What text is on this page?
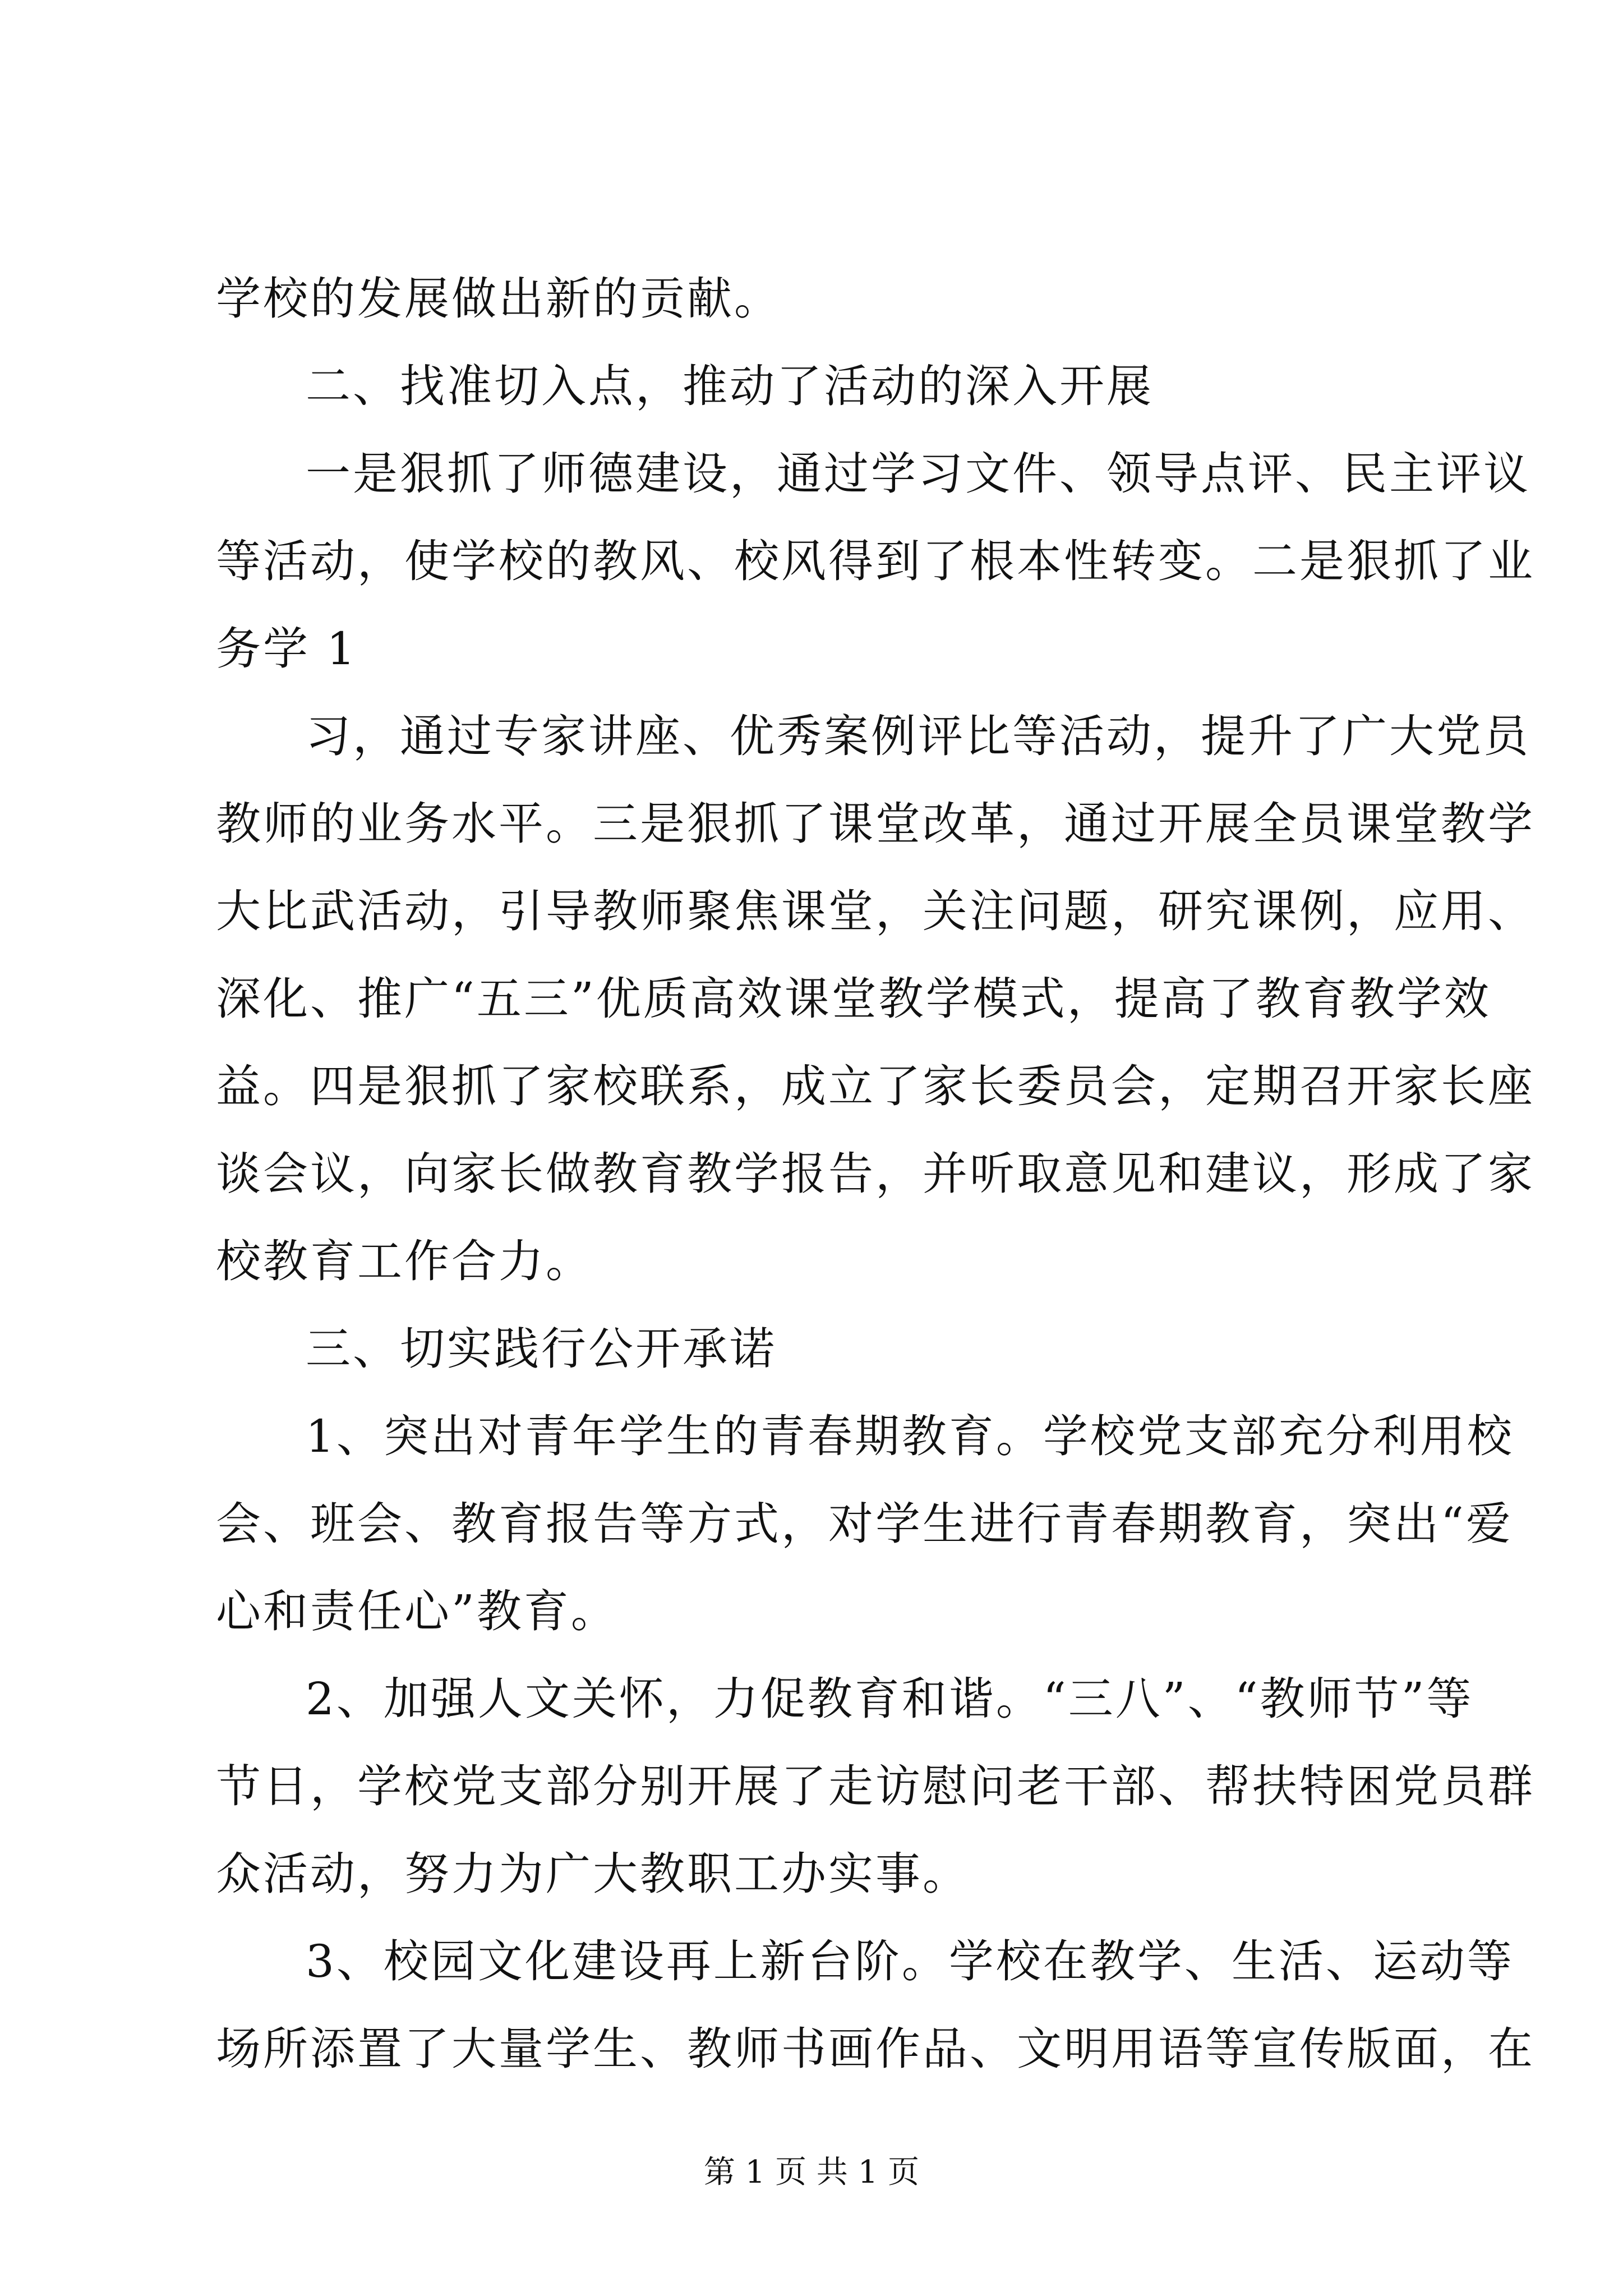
学校的发展做出新的贡献。
二、找准切入点，推动了活动的深入开展
一是狠抓了师德建设，通过学习文件、领导点评、民主评议
等活动，使学校的教风、校风得到了根本性转变。二是狠抓了业
务学 1
习，通过专家讲座、优秀案例评比等活动，提升了广大党员
教师的业务水平。三是狠抓了课堂改革，通过开展全员课堂教学
大比武活动，引导教师聚焦课堂，关注问题，研究课例，应用、
深化、推广“五三”优质高效课堂教学模式，提高了教育教学效
益。四是狠抓了家校联系，成立了家长委员会，定期召开家长座
谈会议，向家长做教育教学报告，并听取意见和建议，形成了家
校教育工作合力。
三、切实践行公开承诺
1、突出对青年学生的青春期教育。学校党支部充分利用校
会、班会、教育报告等方式，对学生进行青春期教育，突出“爱
心和责任心”教育。
2、加强人文关怀，力促教育和谐。“三八”、“教师节”等
节日，学校党支部分别开展了走访慰问老干部、帮扶特困党员群
众活动，努力为广大教职工办实事。
3、校园文化建设再上新台阶。学校在教学、生活、运动等
场所添置了大量学生、教师书画作品、文明用语等宣传版面，在
第 1 页 共 1 页
